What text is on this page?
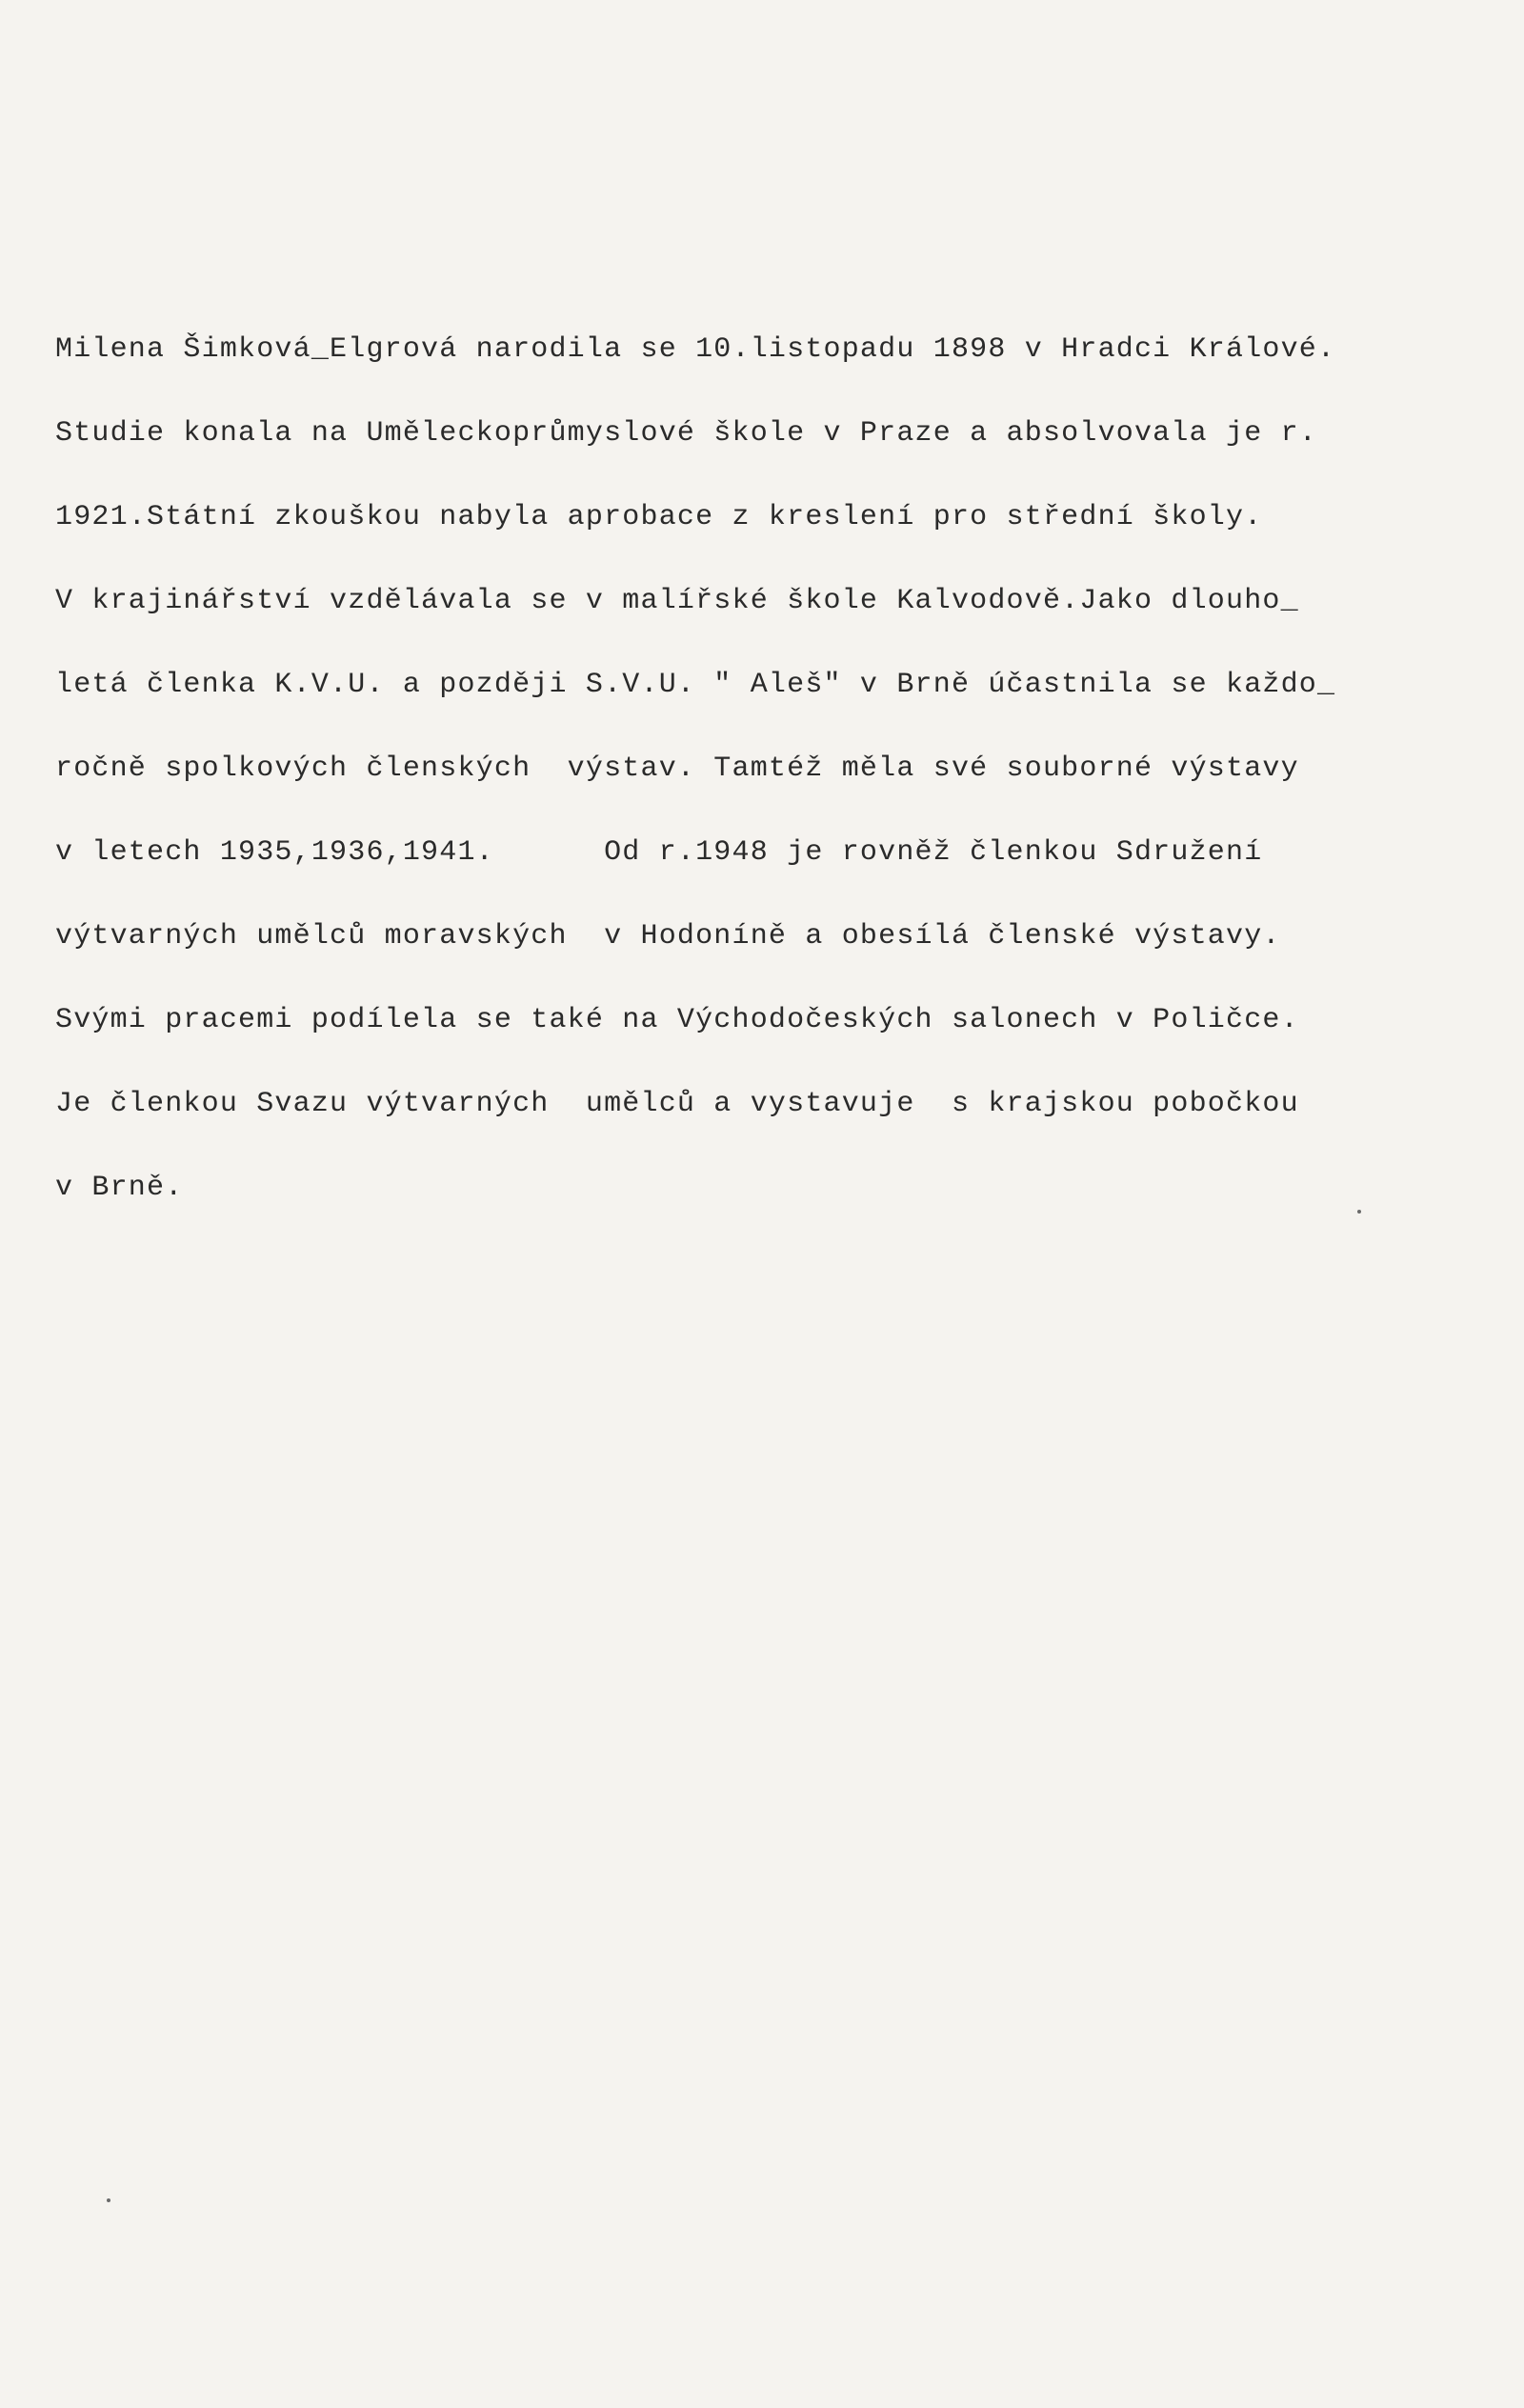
Milena Šimková_Elgrová narodila se 10.listopadu 1898 v Hradci Králové.
Studie konala na Uměleckoprůmyslové škole v Praze a absolvovala je r.
1921.Státní zkouškou nabyla aprobace z kreslení pro střední školy.
V krajinářství vzdělávala se v malířské škole Kalvodově.Jako dlouho_
letá členka K.V.U. a později S.V.U. " Aleš" v Brně účastnila se každo_
ročně spolkových členských  výstav. Tamtéž měla své souborné výstavy
v letech 1935,1936,1941.      Od r.1948 je rovněž členkou Sdružení
výtvarných umělců moravských  v Hodoníně a obesílá členské výstavy.
Svými pracemi podílela se také na Východočeských salonech v Poličce.
Je členkou Svazu výtvarných  umělců a vystavuje  s krajskou pobočkou
v Brně.
